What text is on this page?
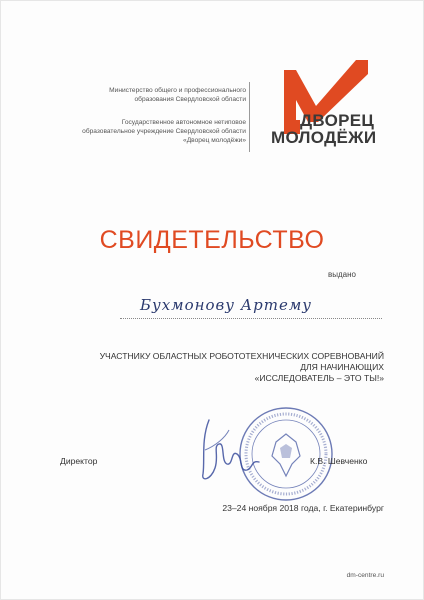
Министерство общего и профессионального
образования Свердловской области
Государственное автономное нетиповое
образовательное учреждение Свердловской области
«Дворец молодёжи»
ДВОРЕЦ
МОЛОДЁЖИ
СВИДЕТЕЛЬСТВО
выдано
Бухмонову Артему
УЧАСТНИКУ ОБЛАСТНЫХ РОБОТОТЕХНИЧЕСКИХ СОРЕВНОВАНИЙ
ДЛЯ НАЧИНАЮЩИХ
«ИССЛЕДОВАТЕЛЬ – ЭТО ТЫ!»
Директор	К.В. Шевченко
23–24 ноября 2018 года, г. Екатеринбург
dm-centre.ru
